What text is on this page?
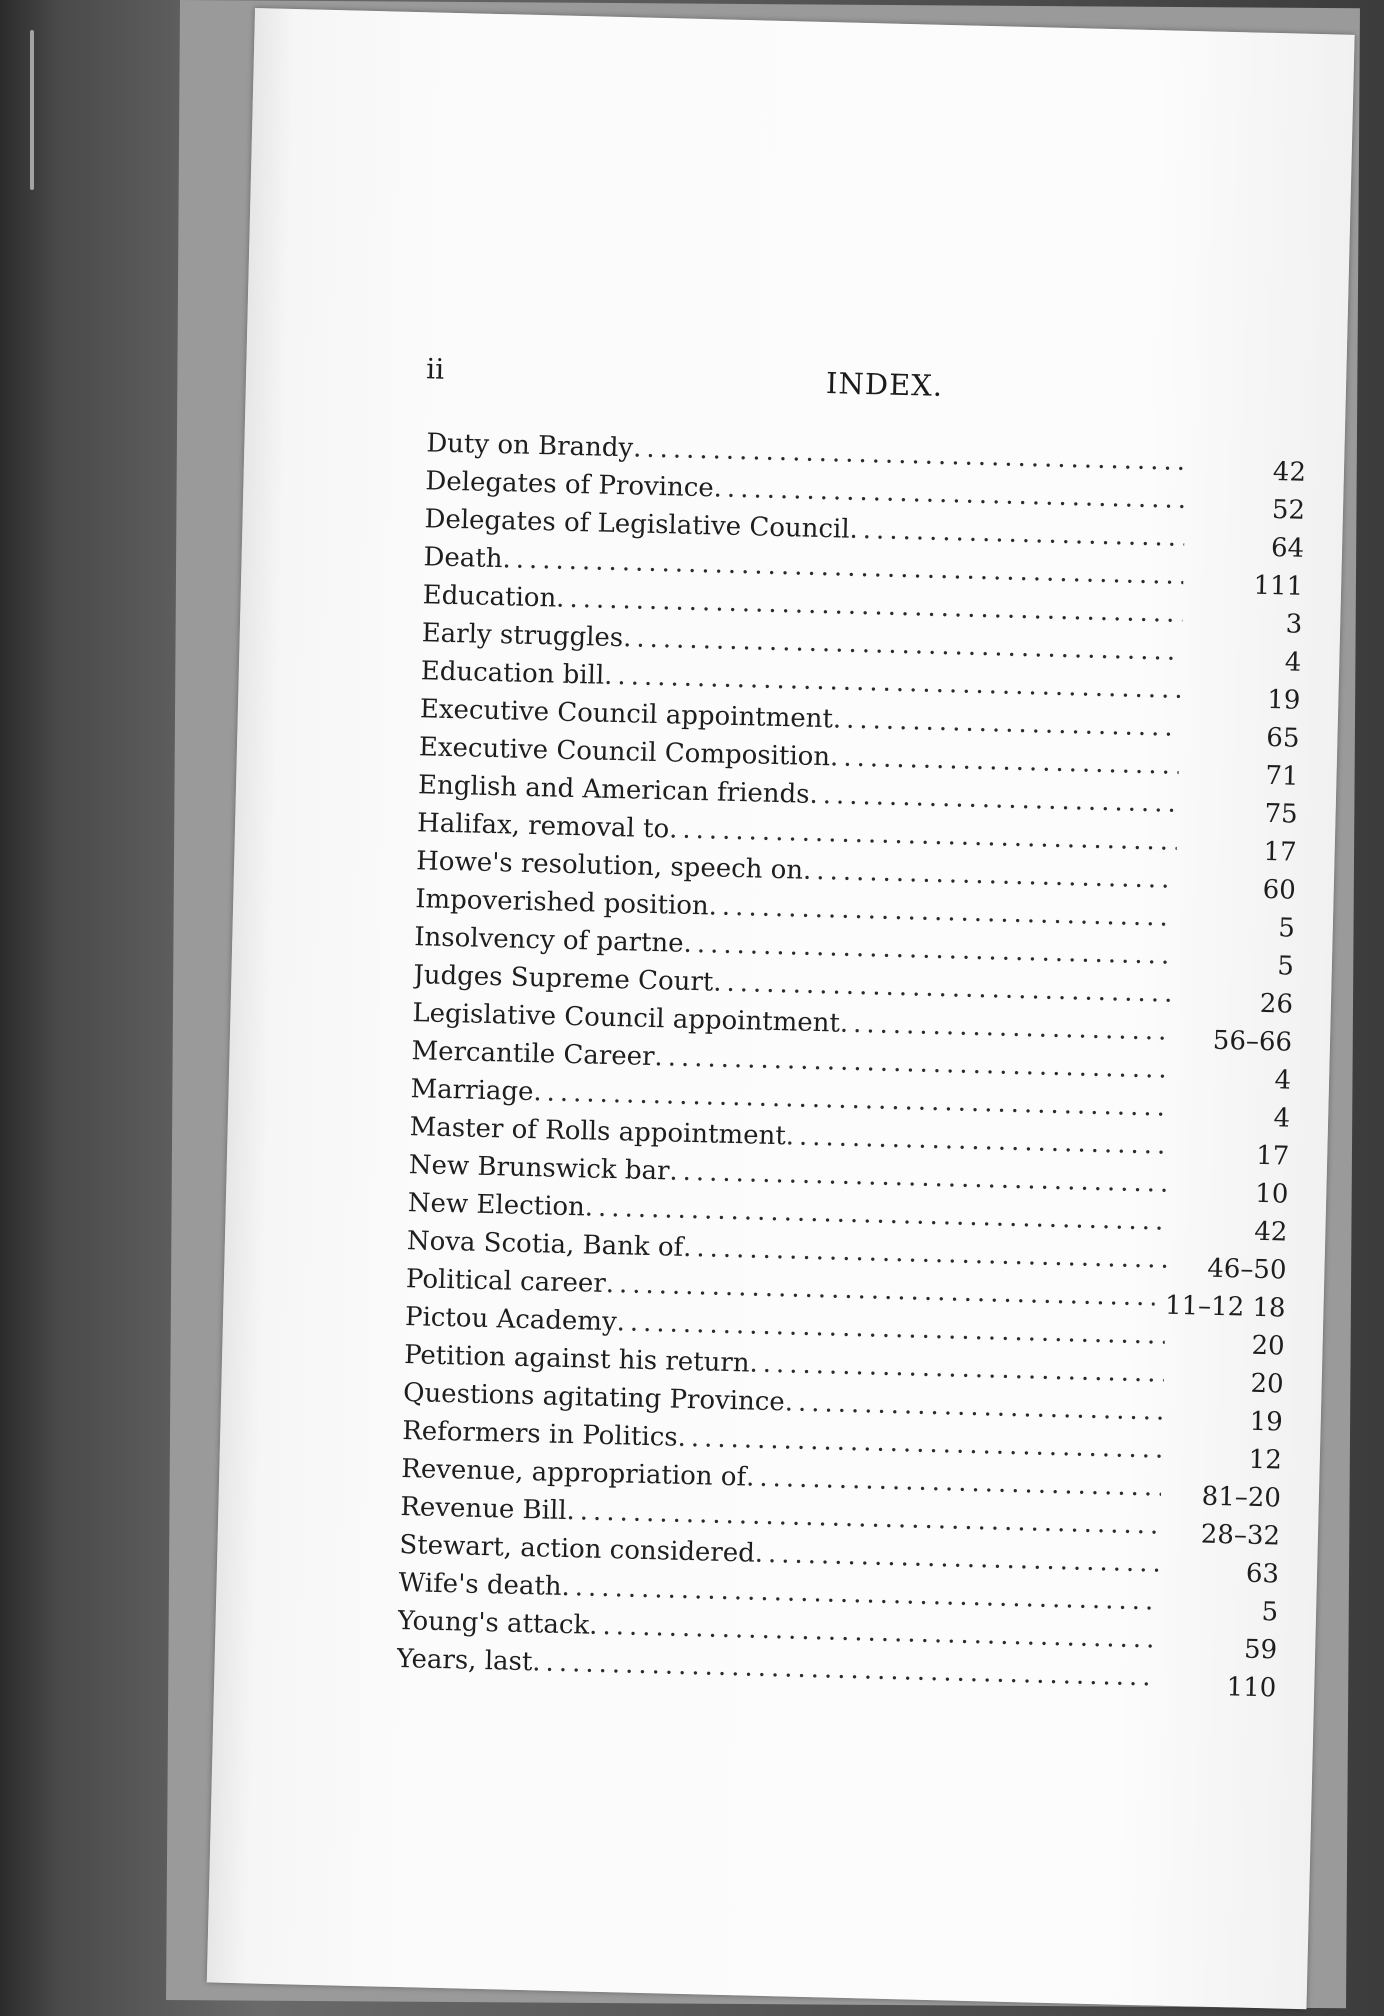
ii	INDEX.
Duty on Brandy
.....
42
Delegates of Province
.....
52
Delegates of Legislative Council
.....
64
Death
.....
111
Education
.....
3
Early struggles
.....
4
Education bill
.....
19
Executive Council appointment
.....
65
Executive Council Composition
.....
71
English and American friends
.....
75
Halifax, removal to
.....
17
Howe's resolution, speech on
.....
60
Impoverished position
.....
5
Insolvency of partne
.....
5
Judges Supreme Court
.....
26
Legislative Council appointment
.....
56–66
Mercantile Career
.....
4
Marriage
.....
4
Master of Rolls appointment
.....
17
New Brunswick bar
.....
10
New Election
.....
42
Nova Scotia, Bank of
.....
46–50
Political career
.....
11–12 18
Pictou Academy
.....
20
Petition against his return
.....
20
Questions agitating Province
.....
19
Reformers in Politics
.....
12
Revenue, appropriation of
.....
81–20
Revenue Bill
.....
28–32
Stewart, action considered
.....
63
Wife's death
.....
5
Young's attack
.....
59
Years, last
.....
110
